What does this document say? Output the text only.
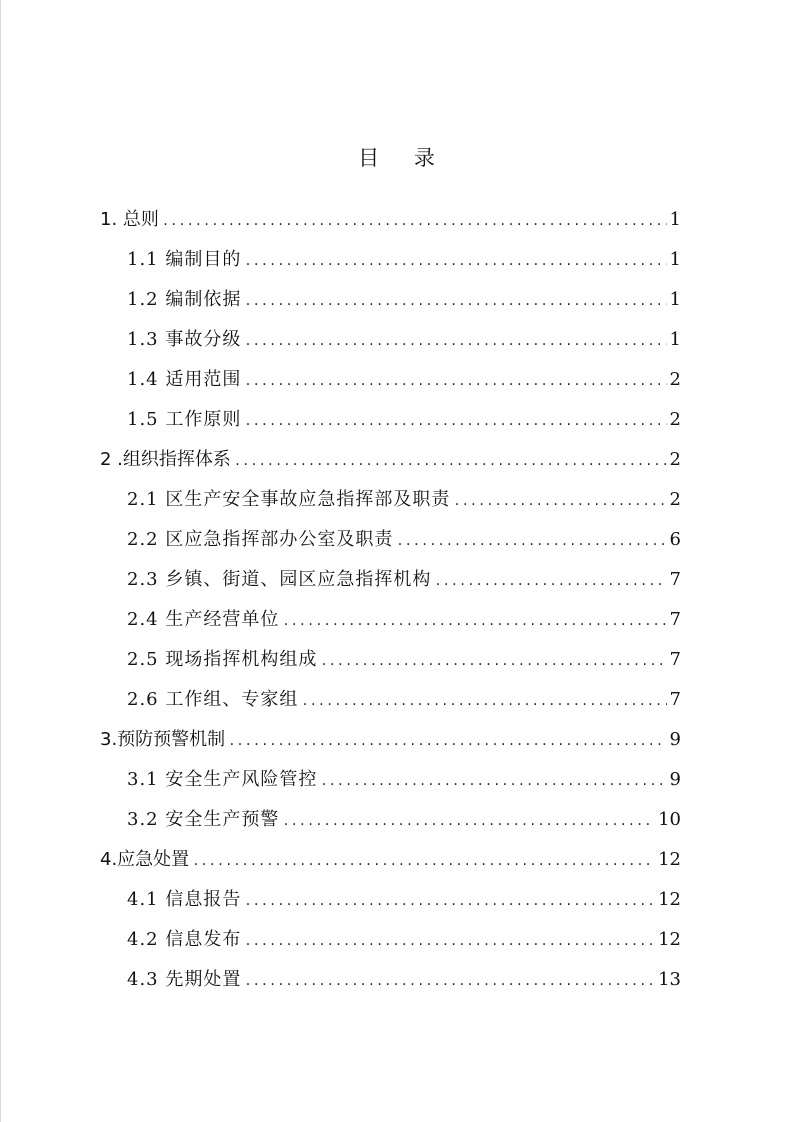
目 录
1. 总则 .....	1
1.1 编制目的 .....	1
1.2 编制依据 .....	1
1.3 事故分级 .....	1
1.4 适用范围 .....	2
1.5 工作原则 .....	2
2 .组织指挥体系 .....	2
2.1 区生产安全事故应急指挥部及职责 .....	2
2.2 区应急指挥部办公室及职责 .....	6
2.3 乡镇、街道、园区应急指挥机构 .....	7
2.4 生产经营单位 .....	7
2.5 现场指挥机构组成 .....	7
2.6 工作组、专家组 .....	7
3.预防预警机制 .....	9
3.1 安全生产风险管控 .....	9
3.2 安全生产预警 .....	10
4.应急处置 .....	12
4.1 信息报告 .....	12
4.2 信息发布 .....	12
4.3 先期处置 .....	13
